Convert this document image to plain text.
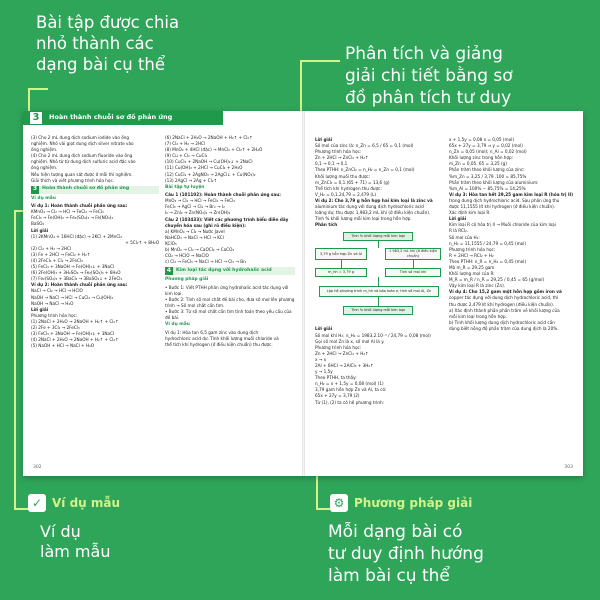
Bài tập được chia
nhỏ thành các
dạng bài cụ thể
Phân tích và giảng
giải chi tiết bằng sơ
đồ phân tích tư duy
3	Hoàn thành chuỗi sơ đồ phản ứng
(3) Cho 2 mL dung dịch sodium iodide vào ống
nghiệm. Nhỏ vài giọt dung dịch silver nitrate vào
ống nghiệm.
(4) Cho 2 mL dung dịch sodium fluoride vào ống
nghiệm. Nhỏ từ từ dung dịch sulfuric acid đặc vào
ống nghiệm.
Nêu hiện tượng quan sát được ở mỗi thí nghiệm.
Giải thích và viết phương trình hóa học.
3	Hoàn thành chuỗi sơ đồ phản ứng
Ví dụ mẫu
Ví dụ 1: Hoàn thành chuỗi phản ứng sau:
KMnO₄ → Cl₂ → HCl → FeCl₂ → FeCl₃
FeCl₃ → Fe(OH)₃ → Fe₂(SO₄)₃ → Fe(NO₃)₃
BaSO₄
Lời giải
(1) 2KMnO₄ + 16HCl (đặc) → 2KCl + 2MnCl₂
+ 5Cl₂↑ + 8H₂O
(2) Cl₂ + H₂ → 2HCl
(3) Fe + 2HCl → FeCl₂ + H₂↑
(4) 2FeCl₂ + Cl₂ → 2FeCl₃
(5) FeCl₃ + 3NaOH → Fe(OH)₃↓ + 3NaCl
(6) 2Fe(OH)₃ + 3H₂SO₄ → Fe₂(SO₄)₃ + 6H₂O
(7) Fe₂(SO₄)₃ + 3BaCl₂ → 3BaSO₄↓ + 2FeCl₃
Ví dụ 2: Hoàn thành chuỗi phản ứng sau:
NaCl → Cl₂ → HCl → HClO
NaOH → NaCl → HCl → CuCl₂ → Cu(OH)₂
NaOH → NaCl → H₂O
Lời giải
Phương trình hóa học:
(1) 2NaCl + 2H₂O → 2NaOH + H₂↑ + Cl₂↑
(2) 2Fe + 3Cl₂ → 2FeCl₃
(3) FeCl₃ + 3NaOH → Fe(OH)₃↓ + 3NaCl
(4) 2NaCl + 2H₂O → 2NaOH + H₂↑ + Cl₂↑
(5) NaOH + HCl → NaCl + H₂O
(6) 2NaCl + 2H₂O → 2NaOH + H₂↑ + Cl₂↑
(7) Cl₂ + H₂ → 2HCl
(8) MnO₂ + 4HCl (đặc) → MnCl₂ + Cl₂↑ + 2H₂O
(9) Cu + Cl₂ → CuCl₂
(10) CuCl₂ + 2NaOH → Cu(OH)₂↓ + 2NaCl
(11) Cu(OH)₂ + 2HCl → CuCl₂ + 2H₂O
(12) CuCl₂ + 2AgNO₃ → 2AgCl↓ + Cu(NO₃)₂
(13) 2AgCl → 2Ag + Cl₂↑
Bài tập tự luyện
Câu 1 (101102): Hoàn thành chuỗi phản ứng sau:
MnO₂ → Cl₂ → HCl → FeCl₂ → FeCl₃
FeCl₃ → AgCl → Cl₂ → Br₂ → I₂
I₂ → ZnI₂ → Zn(NO₃)₂ → Zn(OH)₂
Câu 2 (103433): Viết các phương trình biểu diễn dãy chuyển hóa sau (ghi rõ điều kiện):
a) KMnO₄ → Cl₂ → Nước Javel
NaHCO₃ → NaCl → HCl → KCl
KClO₃
b) MnO₂ → Cl₂ → CaOCl₂ → CaCO₃
CO₂ → HClO → NaClO
c) Cl₂ → FeCl₃ → NaCl → HCl → Cl₂ → Br₂
4	Kim loại tác dụng với hydrohalic acid
Phương pháp giải
• Bước 1: Viết PTHH phản ứng hydrohalic acid tác dụng với kim loại.
• Bước 2: Tính số mol chất đề bài cho, đưa số mol lên phương trình → Số mol chất cần tìm.
• Bước 3: Từ số mol chất cần tìm tính toán theo yêu cầu của đề bài.
Ví dụ mẫu
Ví dụ 1: Hòa tan 6,5 gam zinc vào dung dịch
hydrochloric acid dư. Tính khối lượng muối chloride và
thể tích khí hydrogen (ở điều kiện chuẩn) thu được.
302
Lời giải
Số mol của zinc là: n_Zn = 6,5 / 65 = 0,1 (mol)
Phương trình hóa học:
Zn + 2HCl → ZnCl₂ + H₂↑
0,1 → 0,1 → 0,1
Theo PTHH: n_ZnCl₂ = n_H₂ = n_Zn = 0,1 (mol)
Khối lượng muối thu được:
m_ZnCl₂ = 0,1.(65 + 71) = 13,6 (g)
Thể tích khí hydrogen thu được:
V_H₂ = 0,1.24,79 = 2,479 (L)
Ví dụ 2: Cho 3,79 g hỗn hợp hai kim loại là zinc và
aluminium tác dụng với dung dịch hydrochloric acid
loãng dư, thu được 1,983,2 mL khí (ở điều kiện chuẩn).
Tính % khối lượng mỗi kim loại trong hỗn hợp.
Phân tích
Tính % khối lượng mỗi kim loại
3,79 g hỗn hợp Zn và Al
1 983,2 mL khí (ở điều kiện chuẩn)
m_hh = 3,79 g	Tính số mol khí
Lập hệ phương trình m_hh và bảo toàn e, tính số mol Al, Zn
Tính % khối lượng mỗi kim loại
Lời giải
Số mol khí H₂: n_H₂ = 1983,2.10⁻³ / 24,79 = 0,08 (mol)
Gọi số mol Zn là x, số mol Al là y.
Phương trình hóa học:
Zn + 2HCl → ZnCl₂ + H₂↑
x → x
2Al + 6HCl → 2AlCl₃ + 3H₂↑
y → 1,5y
Theo PTHH, ta thấy:
n_H₂ = x + 1,5y = 0,08 (mol) (1)
3,79 gam hỗn hợp Zn và Al, ta có:
65x + 27y = 3,79 (2)
Từ (1), (2) ta có hệ phương trình:
x + 1,5y = 0,08 x = 0,05 (mol)
65x + 27y = 3,79 ⇒ y = 0,02 (mol)
n_Zn = 0,05 (mol); n_Al = 0,02 (mol)
Khối lượng zinc trong hỗn hợp:
m_Zn = 0,05. 65 = 3,25 (g)
Phần trăm theo khối lượng của zinc:
%m_Zn = 3,25 / 3,79 .100 = 85,75%
Phần trăm theo khối lượng của aluminium:
%m_Al = 100% − 85,75% = 14,25%
Ví dụ 3: Hòa tan hết 29,25 gam kim loại R (hóa trị II)
trong dung dịch hydrochloric acid. Sau phản ứng thu
được 11,1555 lít khí hydrogen (ở điều kiện chuẩn).
Xác định kim loại R.
Lời giải
Kim loại R có hóa trị II → Muối chloride của kim loại
R là RCl₂.
Số mol của H₂:
n_H₂ = 11,1555 / 24,79 = 0,45 (mol)
Phương trình hóa học:
R + 2HCl → RCl₂ + H₂
Theo PTHH: n_R = n_H₂ = 0,45 (mol)
Mà m_R = 29,25 gam
Khối lượng mol của R:
M_R = m_R / n_R = 29,25 / 0,45 = 65 (g/mol)
Vậy kim loại R là zinc (Zn).
Ví dụ 4: Cho 15,2 gam một hỗn hợp gồm iron và
copper tác dụng với dung dịch hydrochloric acid, thì
thu được 2,479 lít khí hydrogen (điều kiện chuẩn).
a) Xác định thành phần phần trăm về khối lượng của
mỗi kim loại trong hỗn hợp.
b) Tính khối lượng dung dịch hydrochloric acid cần
dùng biết nồng độ phần trăm của dung dịch là 20%.
303
✓ Ví dụ mẫu
Ví dụ
làm mẫu
⚙ Phương pháp giải
Mỗi dạng bài có
tư duy định hướng
làm bài cụ thể
